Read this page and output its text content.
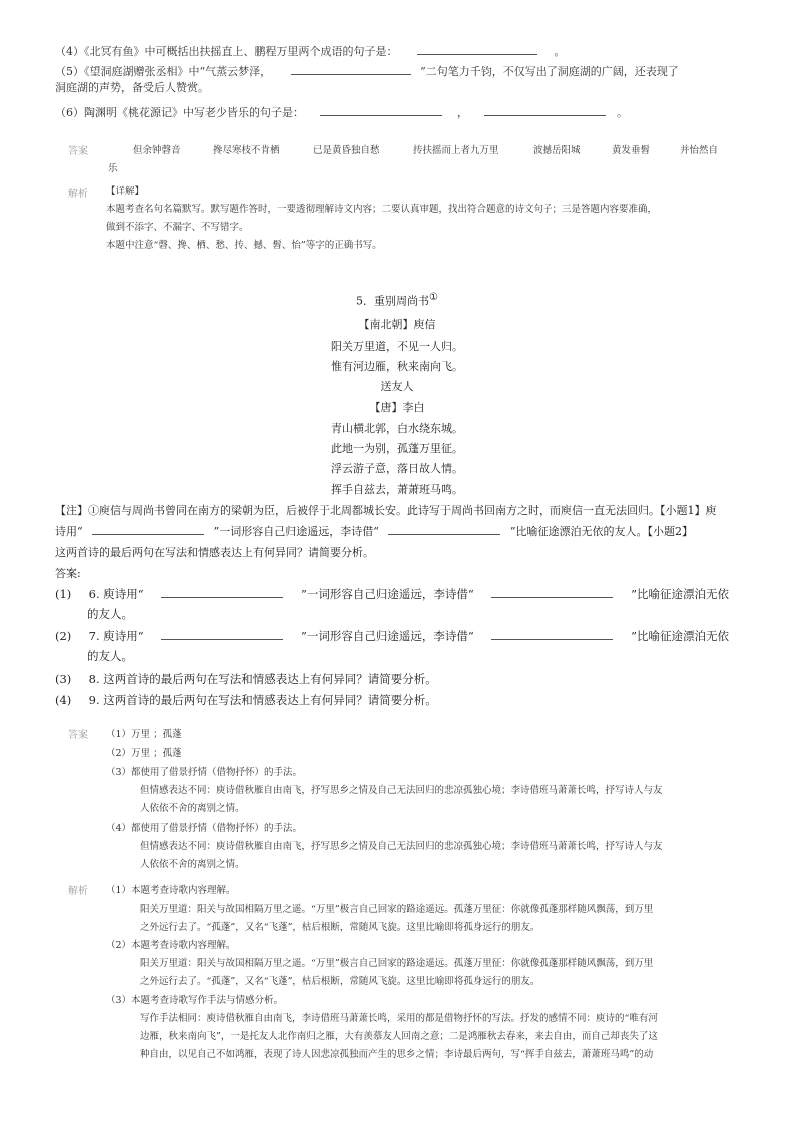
（4）《北冥有鱼》中可概括出扶摇直上、鹏程万里两个成语的句子是：	。
（5）《望洞庭湖赠张丞相》中“气蒸云梦泽，	”二句笔力千钧，不仅写出了洞庭湖的广阔，还表现了
洞庭湖的声势，备受后人赞赏。
（6）陶渊明《桃花源记》中写老少皆乐的句子是：	，	。
答案	但余钟磬音	搀尽寒枝不肯栖	已是黄昏独自愁	抟扶摇而上者九万里	波撼岳阳城	黄发垂髫	并怡然自
乐
解析 【详解】
本题考查名句名篇默写。默写题作答时，一要透彻理解诗文内容；二要认真审题，找出符合题意的诗文句子；三是答题内容要准确，
做到不添字、不漏字、不写错字。
本题中注意“磬、搀、栖、愁、抟、撼、髫、怡”等字的正确书写。
5．重别周尚书①
【南北朝】庾信
阳关万里道，不见一人归。
惟有河边雁，秋来南向飞。
送友人
【唐】李白
青山横北郭，白水绕东城。
此地一为别，孤蓬万里征。
浮云游子意，落日故人情。
挥手自兹去，萧萧班马鸣。
【注】①庾信与周尚书曾同在南方的梁朝为臣，后被俘于北周都城长安。此诗写于周尚书回南方之时，而庾信一直无法回归。【小题1】庾
诗用“	”一词形容自己归途遥远，李诗借“	”比喻征途漂泊无依的友人。【小题2】
这两首诗的最后两句在写法和情感表达上有何异同？请简要分析。
答案:
(1) 6. 庾诗用“	”一词形容自己归途遥远，李诗借“	”比喻征途漂泊无依
的友人。
(2) 7. 庾诗用“	”一词形容自己归途遥远，李诗借“	”比喻征途漂泊无依
的友人。
(3) 8. 这两首诗的最后两句在写法和情感表达上有何异同？请简要分析。
(4) 9. 这两首诗的最后两句在写法和情感表达上有何异同？请简要分析。
答案 （1）万里 ；孤蓬
（2）万里 ；孤蓬
（3）都使用了借景抒情（借物抒怀）的手法。
但情感表达不同：庾诗借秋雁自由南飞，抒写思乡之情及自己无法回归的悲凉孤独心境；李诗借班马萧萧长鸣，抒写诗人与友
人依依不舍的离别之情。
（4）都使用了借景抒情（借物抒怀）的手法。
但情感表达不同：庾诗借秋雁自由南飞，抒写思乡之情及自己无法回归的悲凉孤独心境；李诗借班马萧萧长鸣，抒写诗人与友
人依依不舍的离别之情。
解析 （1）本题考查诗歌内容理解。
阳关万里道：阳关与故国相隔万里之遥。“万里”极言自己回家的路途遥远。孤蓬万里征：你就像孤蓬那样随风飘荡，到万里
之外远行去了。“孤蓬”，又名“飞蓬”，枯后根断，常随风飞旋。这里比喻即将孤身远行的朋友。
（2）本题考查诗歌内容理解。
阳关万里道：阳关与故国相隔万里之遥。“万里”极言自己回家的路途遥远。孤蓬万里征：你就像孤蓬那样随风飘荡，到万里
之外远行去了。“孤蓬”，又名“飞蓬”，枯后根断，常随风飞旋。这里比喻即将孤身远行的朋友。
（3）本题考查诗歌写作手法与情感分析。
写作手法相同：庾诗借秋雁自由南飞，李诗借班马萧萧长鸣，采用的都是借物抒怀的写法。抒发的感情不同：庾诗的“唯有河
边雁，秋来南向飞”，一是托友人北作南归之雁，大有羡慕友人回南之意；二是鸿雁秋去春来，来去自由，而自己却丧失了这
种自由，以见自己不如鸿雁，表现了诗人因悲凉孤独而产生的思乡之情；李诗最后两句，写“挥手自兹去，萧萧班马鸣”的动
